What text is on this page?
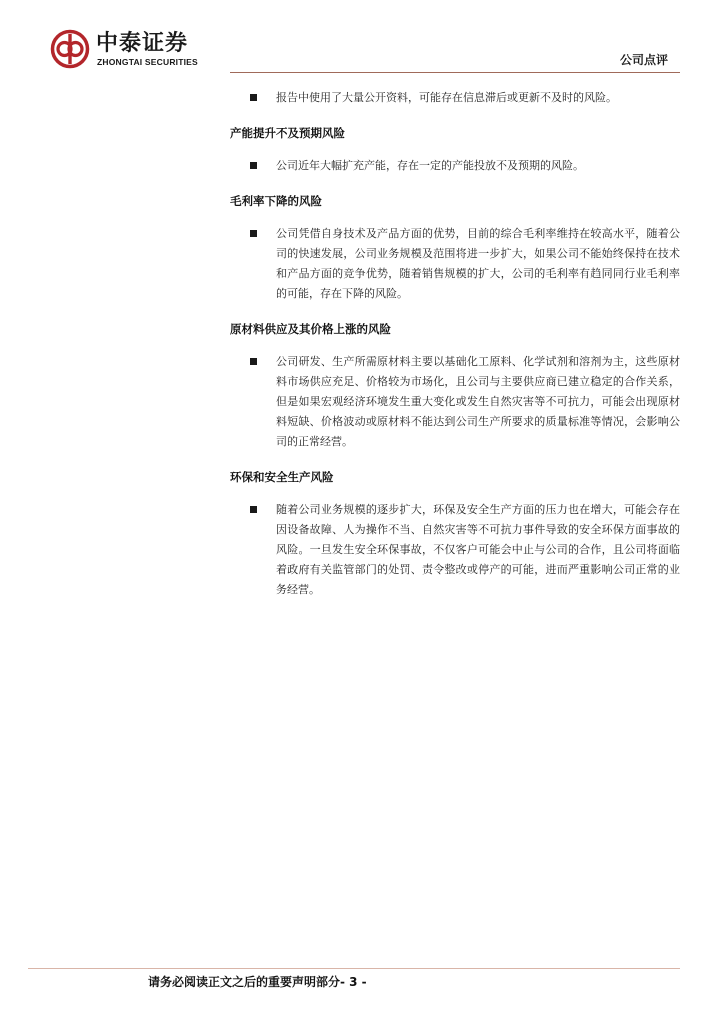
中泰证券
ZHONGTAI SECURITIES	公司点评
报告中使用了大量公开资料，可能存在信息滞后或更新不及时的风险。
产能提升不及预期风险
公司近年大幅扩充产能，存在一定的产能投放不及预期的风险。
毛利率下降的风险
公司凭借自身技术及产品方面的优势，目前的综合毛利率维持在较高水平，随着公司的快速发展，公司业务规模及范围将进一步扩大，如果公司不能始终保持在技术和产品方面的竞争优势，随着销售规模的扩大，公司的毛利率有趋同同行业毛利率的可能，存在下降的风险。
原材料供应及其价格上涨的风险
公司研发、生产所需原材料主要以基础化工原料、化学试剂和溶剂为主，这些原材料市场供应充足、价格较为市场化，且公司与主要供应商已建立稳定的合作关系，但是如果宏观经济环境发生重大变化或发生自然灾害等不可抗力，可能会出现原材料短缺、价格波动或原材料不能达到公司生产所要求的质量标准等情况，会影响公司的正常经营。
环保和安全生产风险
随着公司业务规模的逐步扩大，环保及安全生产方面的压力也在增大，可能会存在因设备故障、人为操作不当、自然灾害等不可抗力事件导致的安全环保方面事故的风险。一旦发生安全环保事故，不仅客户可能会中止与公司的合作，且公司将面临着政府有关监管部门的处罚、责令整改或停产的可能，进而严重影响公司正常的业务经营。
请务必阅读正文之后的重要声明部分- 3 -
